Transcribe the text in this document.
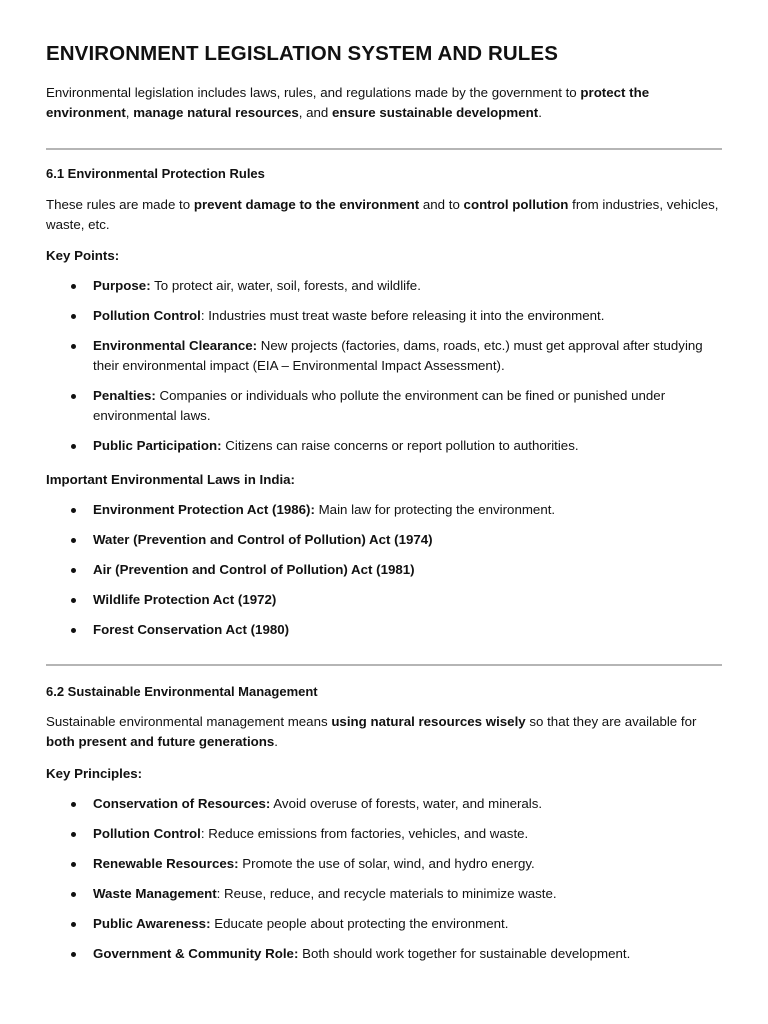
ENVIRONMENT LEGISLATION SYSTEM AND RULES

Environmental legislation includes laws, rules, and regulations made by the government to protect the environment, manage natural resources, and ensure sustainable development.

6.1 Environmental Protection Rules

These rules are made to prevent damage to the environment and to control pollution from industries, vehicles, waste, etc.

Key Points:

Purpose: To protect air, water, soil, forests, and wildlife.
Pollution Control: Industries must treat waste before releasing it into the environment.
Environmental Clearance: New projects (factories, dams, roads, etc.) must get approval after studying their environmental impact (EIA – Environmental Impact Assessment).
Penalties: Companies or individuals who pollute the environment can be fined or punished under environmental laws.
Public Participation: Citizens can raise concerns or report pollution to authorities.

Important Environmental Laws in India:

Environment Protection Act (1986): Main law for protecting the environment.
Water (Prevention and Control of Pollution) Act (1974)
Air (Prevention and Control of Pollution) Act (1981)
Wildlife Protection Act (1972)
Forest Conservation Act (1980)

6.2 Sustainable Environmental Management

Sustainable environmental management means using natural resources wisely so that they are available for both present and future generations.

Key Principles:

Conservation of Resources: Avoid overuse of forests, water, and minerals.
Pollution Control: Reduce emissions from factories, vehicles, and waste.
Renewable Resources: Promote the use of solar, wind, and hydro energy.
Waste Management: Reuse, reduce, and recycle materials to minimize waste.
Public Awareness: Educate people about protecting the environment.
Government & Community Role: Both should work together for sustainable development.
